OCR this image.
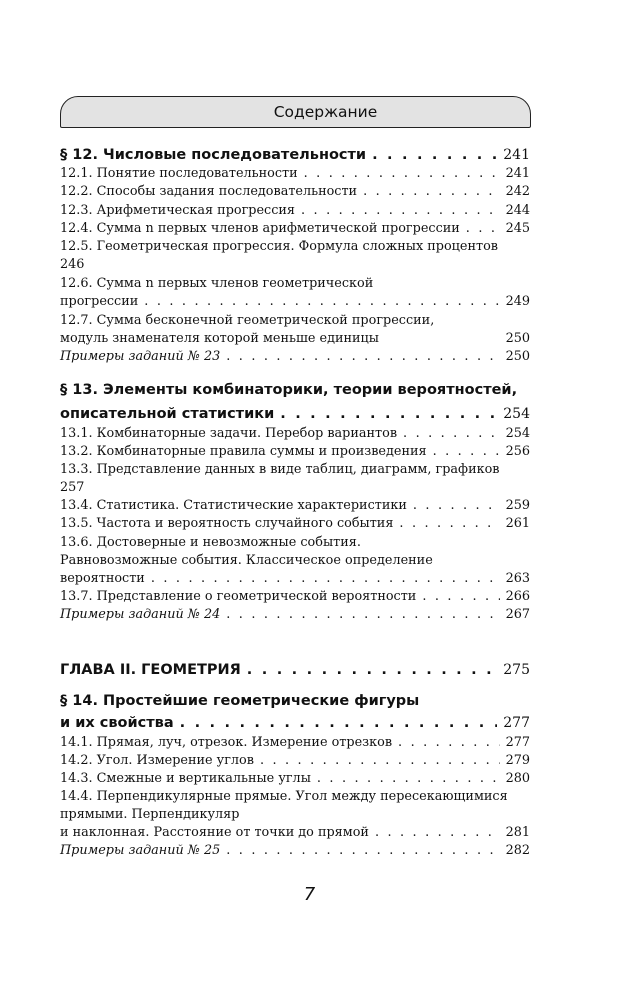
Содержание
§ 12. Числовые последовательности . . .	241
12.1. Понятие последовательности . . .	241
12.2. Способы задания последовательности . . .	242
12.3. Арифметическая прогрессия . . .	244
12.4. Сумма n первых членов арифметической прогрессии . . .	245
12.5. Геометрическая прогрессия. Формула сложных процентов
246
12.6. Сумма n первых членов геометрической
прогрессии . . .	249
12.7. Сумма бесконечной геометрической прогрессии,
модуль знаменателя которой меньше единицы	250
Примеры заданий № 23 . . .	250
§ 13. Элементы комбинаторики, теории вероятностей,
описательной статистики . . .	254
13.1. Комбинаторные задачи. Перебор вариантов . . .	254
13.2. Комбинаторные правила суммы и произведения . . .	256
13.3. Представление данных в виде таблиц, диаграмм, графиков
257
13.4. Статистика. Статистические характеристики . . .	259
13.5. Частота и вероятность случайного события . . .	261
13.6. Достоверные и невозможные события.
Равновозможные события. Классическое определение
вероятности . . .	263
13.7. Представление о геометрической вероятности . . .	266
Примеры заданий № 24 . . .	267
ГЛАВА II. ГЕОМЕТРИЯ . . .	275
§ 14. Простейшие геометрические фигуры
и их свойства . . .	277
14.1. Прямая, луч, отрезок. Измерение отрезков . . .	277
14.2. Угол. Измерение углов . . .	279
14.3. Смежные и вертикальные углы . . .	280
14.4. Перпендикулярные прямые. Угол между пересекающимися
прямыми. Перпендикуляр
и наклонная. Расстояние от точки до прямой . . .	281
Примеры заданий № 25 . . .	282
7
